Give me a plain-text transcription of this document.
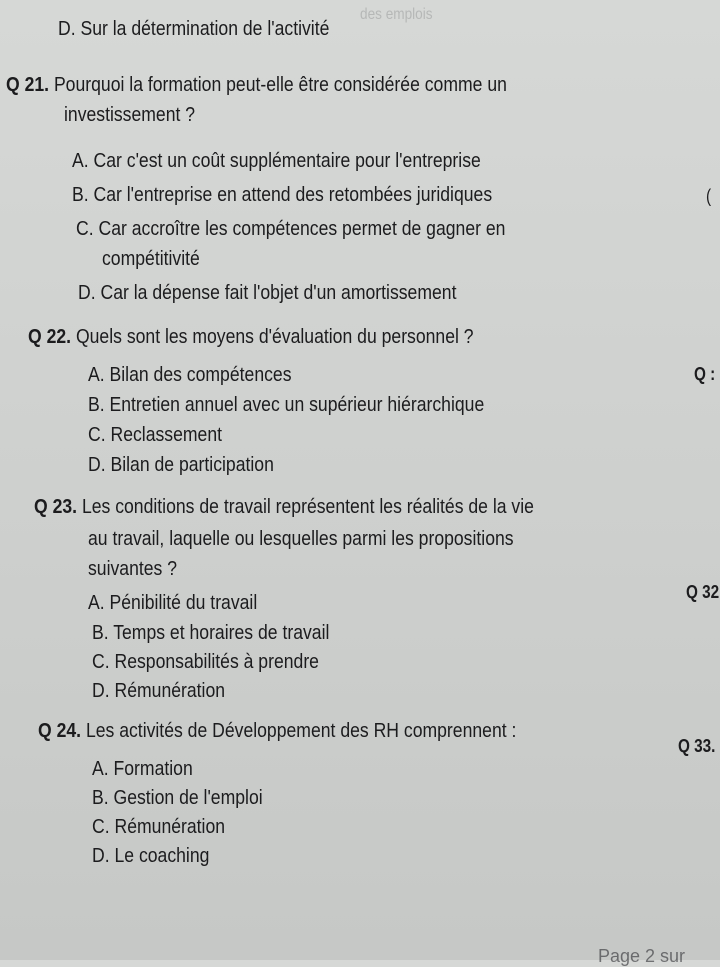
des emplois
D. Sur la détermination de l'activité
Q 21. Pourquoi la formation peut-elle être considérée comme un
investissement ?
A. Car c'est un coût supplémentaire pour l'entreprise
B. Car l'entreprise en attend des retombées juridiques
C. Car accroître les compétences permet de gagner en
compétitivité
D. Car la dépense fait l'objet d'un amortissement
Q 22. Quels sont les moyens d'évaluation du personnel ?
A. Bilan des compétences
B. Entretien annuel avec un supérieur hiérarchique
C. Reclassement
D. Bilan de participation
Q 23. Les conditions de travail représentent les réalités de la vie
au travail, laquelle ou lesquelles parmi les propositions
suivantes ?
A. Pénibilité du travail
B. Temps et horaires de travail
C. Responsabilités à prendre
D. Rémunération
Q 24. Les activités de Développement des RH comprennent :
A. Formation
B. Gestion de l'emploi
C. Rémunération
D. Le coaching
(
Q :
Q 32
Q 33.
Page 2 sur
